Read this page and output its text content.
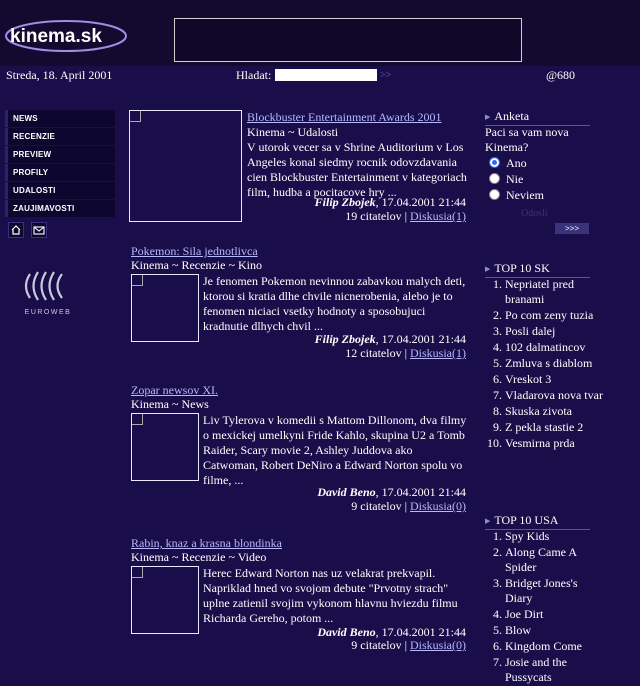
kinema.sk
Streda, 18. April 2001	Hladat:	>>	@680
NEWS
RECENZIE
PREVIEW
PROFILY
UDALOSTI
ZAUJIMAVOSTI

EUROWEB
Blockbuster Entertainment Awards 2001
Kinema ~ Udalosti
V utorok vecer sa v Shrine Auditorium v Los Angeles konal siedmy rocnik odovzdavania cien Blockbuster Entertainment v kategoriach film, hudba a pocitacove hry ...
Filip Zbojek, 17.04.2001 21:44
19 citatelov | Diskusia(1)
Pokemon: Sila jednotlivca
Kinema ~ Recenzie ~ Kino
Je fenomen Pokemon nevinnou zabavkou malych deti, ktorou si kratia dlhe chvile nicnerobenia, alebo je to fenomen niciaci vsetky hodnoty a sposobujuci kradnutie dlhych chvil ...
Filip Zbojek, 17.04.2001 21:44
12 citatelov | Diskusia(1)
Zopar newsov XI.
Kinema ~ News
Liv Tylerova v komedii s Mattom Dillonom, dva filmy o mexickej umelkyni Fride Kahlo, skupina U2 a Tomb Raider, Scary movie 2, Ashley Juddova ako Catwoman, Robert DeNiro a Edward Norton spolu vo filme, ...
David Beno, 17.04.2001 21:44
9 citatelov | Diskusia(0)
Rabin, knaz a krasna blondinka
Kinema ~ Recenzie ~ Video
Herec Edward Norton nas uz velakrat prekvapil. Napriklad hned vo svojom debute "Prvotny strach" uplne zatienil svojim vykonom hlavnu hviezdu filmu Richarda Gereho, potom ...
David Beno, 17.04.2001 21:44
9 citatelov | Diskusia(0)
▶ Anketa
Paci sa vam nova Kinema?
Ano
Nie
Neviem
Odosli
>>>
▶ TOP 10 SK
1. Nepriatel pred branami
2. Po com zeny tuzia
3. Posli dalej
4. 102 dalmatincov
5. Zmluva s diablom
6. Vreskot 3
7. Vladarova nova tvar
8. Skuska zivota
9. Z pekla stastie 2
10. Vesmirna prda
▶ TOP 10 USA
1. Spy Kids
2. Along Came A Spider
3. Bridget Jones's Diary
4. Joe Dirt
5. Blow
6. Kingdom Come
7. Josie and the Pussycats
